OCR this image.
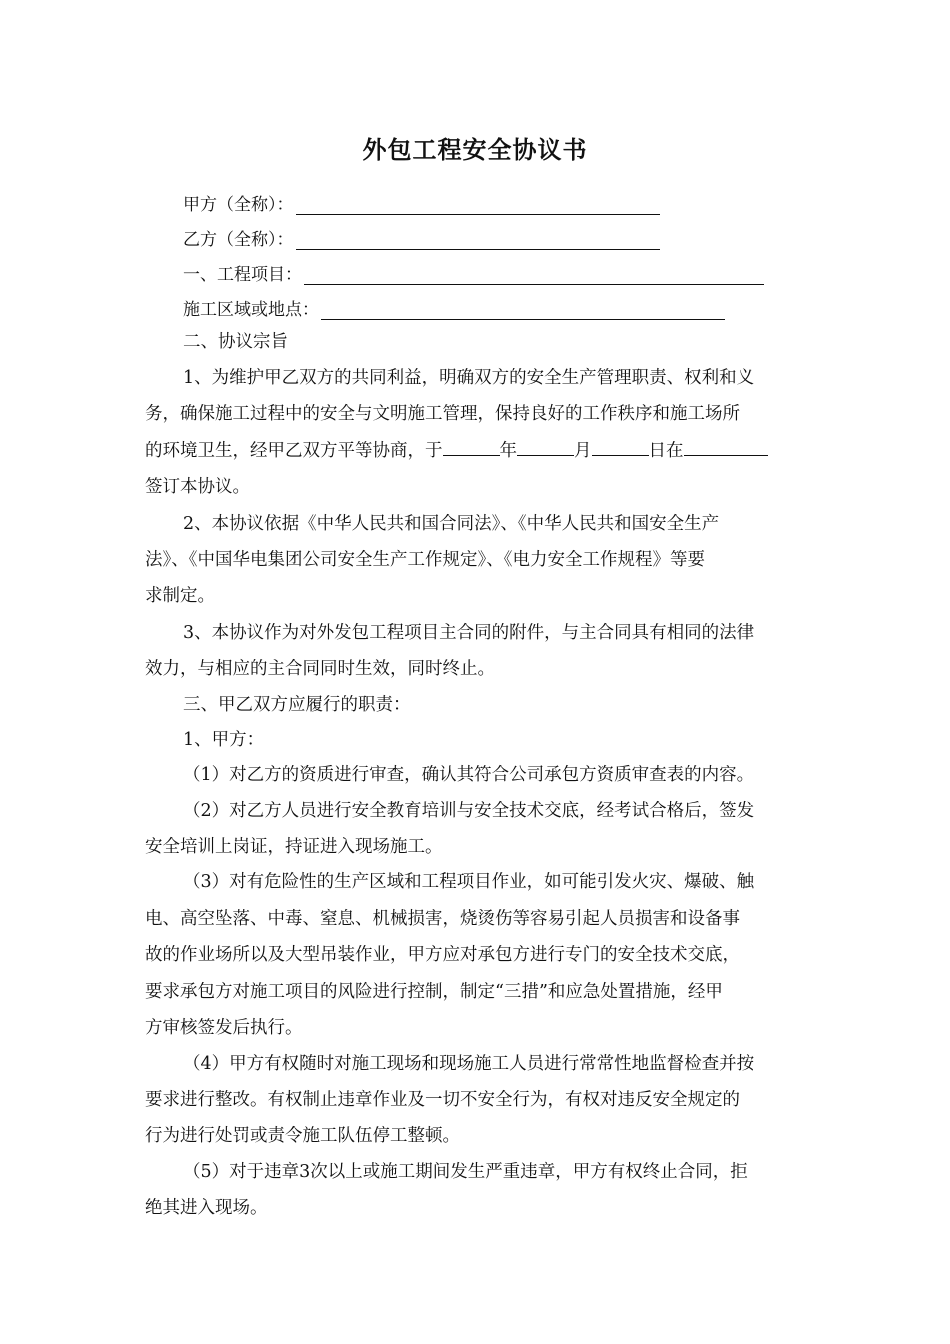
外包工程安全协议书
甲方（全称）：
乙方（全称）：
一、工程项目：
施工区域或地点：
二、协议宗旨
1、为维护甲乙双方的共同利益，明确双方的安全生产管理职责、权利和义
务，确保施工过程中的安全与文明施工管理，保持良好的工作秩序和施工场所
的环境卫生，经甲乙双方平等协商，于	年	月	日在
签订本协议。
2、本协议依据《中华人民共和国合同法》、《中华人民共和国安全生产
法》、《中国华电集团公司安全生产工作规定》、《电力安全工作规程》等要
求制定。
3、本协议作为对外发包工程项目主合同的附件，与主合同具有相同的法律
效力，与相应的主合同同时生效，同时终止。
三、甲乙双方应履行的职责：
1、甲方：
（1）对乙方的资质进行审查，确认其符合公司承包方资质审查表的内容。
（2）对乙方人员进行安全教育培训与安全技术交底，经考试合格后，签发
安全培训上岗证，持证进入现场施工。
（3）对有危险性的生产区域和工程项目作业，如可能引发火灾、爆破、触
电、高空坠落、中毒、窒息、机械损害，烧烫伤等容易引起人员损害和设备事
故的作业场所以及大型吊装作业，甲方应对承包方进行专门的安全技术交底，
要求承包方对施工项目的风险进行控制，制定“三措”和应急处置措施，经甲
方审核签发后执行。
（4）甲方有权随时对施工现场和现场施工人员进行常常性地监督检查并按
要求进行整改。有权制止违章作业及一切不安全行为，有权对违反安全规定的
行为进行处罚或责令施工队伍停工整顿。
（5）对于违章3次以上或施工期间发生严重违章，甲方有权终止合同，拒
绝其进入现场。
